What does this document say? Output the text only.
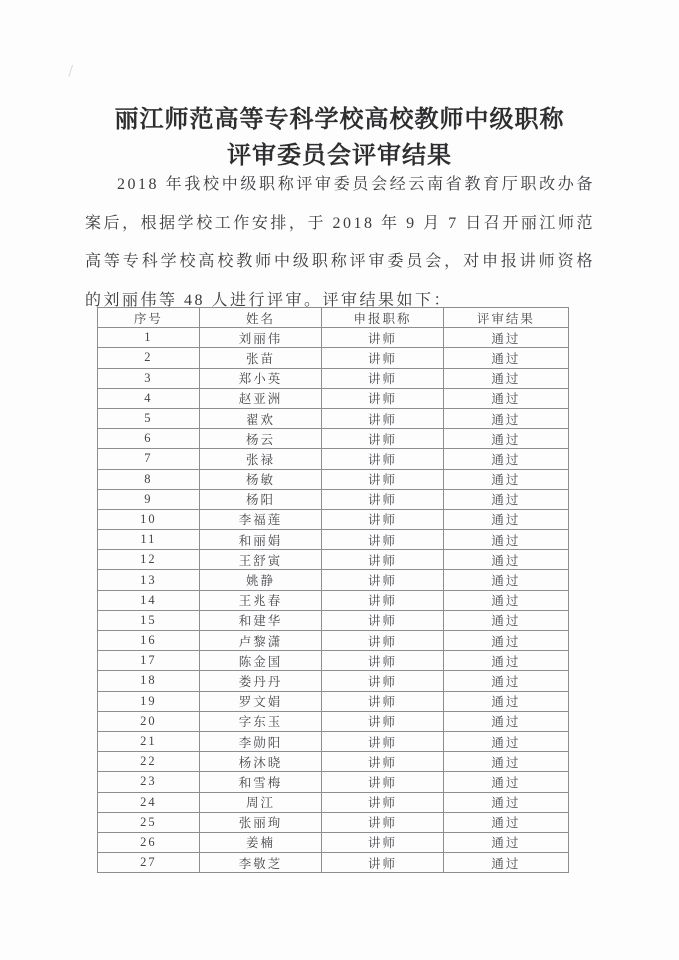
丽江师范高等专科学校高校教师中级职称
评审委员会评审结果

2018 年我校中级职称评审委员会经云南省教育厅职改办备案后，根据学校工作安排，于 2018 年 9 月 7 日召开丽江师范高等专科学校高校教师中级职称评审委员会，对申报讲师资格的刘丽伟等 48 人进行评审。评审结果如下：

序号	姓名	申报职称	评审结果
1	刘丽伟	讲师	通过
2	张苗	讲师	通过
3	郑小英	讲师	通过
4	赵亚洲	讲师	通过
5	翟欢	讲师	通过
6	杨云	讲师	通过
7	张禄	讲师	通过
8	杨敏	讲师	通过
9	杨阳	讲师	通过
10	李福莲	讲师	通过
11	和丽娟	讲师	通过
12	王舒寅	讲师	通过
13	姚静	讲师	通过
14	王兆春	讲师	通过
15	和建华	讲师	通过
16	卢黎潇	讲师	通过
17	陈金国	讲师	通过
18	娄丹丹	讲师	通过
19	罗文娟	讲师	通过
20	字东玉	讲师	通过
21	李勋阳	讲师	通过
22	杨沐晓	讲师	通过
23	和雪梅	讲师	通过
24	周江	讲师	通过
25	张丽珣	讲师	通过
26	姜楠	讲师	通过
27	李敬芝	讲师	通过
